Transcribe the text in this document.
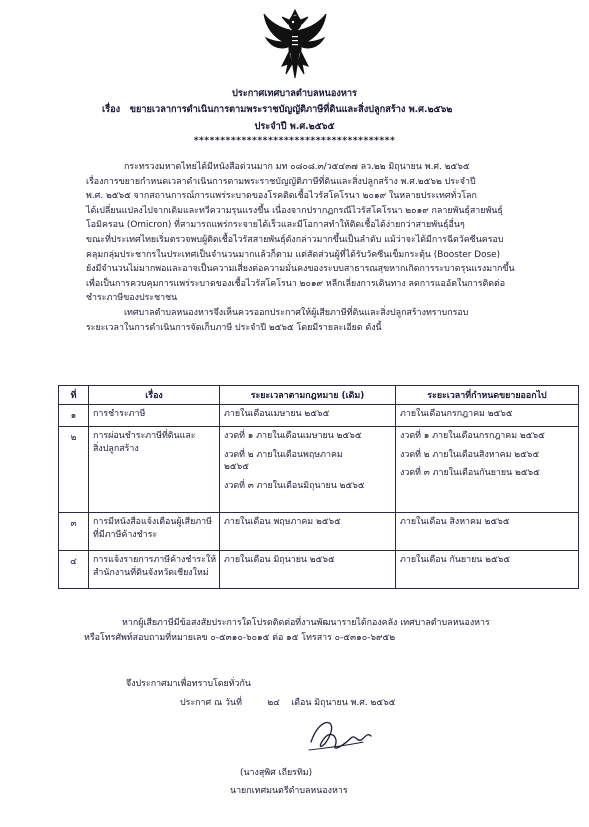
ประกาศเทศบาลตำบลหนองหาร
เรื่อง ขยายเวลาการดำเนินการตามพระราชบัญญัติภาษีที่ดินและสิ่งปลูกสร้าง พ.ศ.๒๕๖๒
ประจำปี พ.ศ.๒๕๖๕
**************************************

กระทรวงมหาดไทยได้มีหนังสือด่วนมาก มท ๐๘๐๘.๓/ว๕๔๓๗ ลว.๒๒ มิถุนายน พ.ศ. ๒๕๖๕

เรื่องการขยายกำหนดเวลาดำเนินการตามพระราชบัญญัติภาษีที่ดินและสิ่งปลูกสร้าง พ.ศ.๒๕๖๒ ประจำปี

พ.ศ. ๒๕๖๕ จากสถานการณ์การแพร่ระบาดของโรคติดเชื้อไวรัสโคโรนา ๒๐๑๙ ในหลายประเทศทั่วโลก

ได้เปลี่ยนแปลงไปจากเดิมและทวีความรุนแรงขึ้น เนื่องจากปรากฏกรณีไวรัสโคโรนา ๒๐๑๙ กลายพันธุ์สายพันธุ์

โอมิครอน (Omicron) ที่สามารถแพร่กระจายได้เร็วและมีโอกาสทำให้ติดเชื้อได้ง่ายกว่าสายพันธุ์อื่นๆ

ขณะที่ประเทศไทยเริ่มตรวจพบผู้ติดเชื้อไวรัสสายพันธุ์ดังกล่าวมากขึ้นเป็นลำดับ แม้ว่าจะได้มีการฉีดวัคซีนครอบ

คลุมกลุ่มประชากรในประเทศเป็นจำนวนมากแล้วก็ตาม แต่สัดส่วนผู้ที่ได้รับวัคซีนเข็มกระตุ้น (Booster Dose)

ยังมีจำนวนไม่มากพอและอาจเป็นความเสี่ยงต่อความมั่นคงของระบบสาธารณสุขหากเกิดการระบาดรุนแรงมากขึ้น

เพื่อเป็นการควบคุมการแพร่ระบาดของเชื้อไวรัสโคโรนา ๒๐๑๙ หลีกเลี่ยงการเดินทาง ลดการแออัดในการติดต่อ

ชำระภาษีของประชาชน

เทศบาลตำบลหนองหารจึงเห็นควรออกประกาศให้ผู้เสียภาษีที่ดินและสิ่งปลูกสร้างทราบกรอบ

ระยะเวลาในการดำเนินการจัดเก็บภาษี ประจำปี ๒๕๖๕ โดยมีรายละเอียด ดังนี้

ที่	เรื่อง	ระยะเวลาตามกฎหมาย (เดิม)	ระยะเวลาที่กำหนดขยายออกไป
๑	การชำระภาษี	ภายในเดือนเมษายน ๒๕๖๕	ภายในเดือนกรกฎาคม ๒๕๖๕

๒	การผ่อนชำระภาษีที่ดินและ
สิ่งปลูกสร้าง	งวดที่ ๑ ภายในเดือนเมษายน ๒๕๖๕
งวดที่ ๒ ภายในเดือนพฤษภาคม
๒๕๖๕
งวดที่ ๓ ภายในเดือนมิถุนายน ๒๕๖๕	งวดที่ ๑ ภายในเดือนกรกฎาคม ๒๕๖๕
งวดที่ ๒ ภายในเดือนสิงหาคม ๒๕๖๕
งวดที่ ๓ ภายในเดือนกันยายน ๒๕๖๕

๓	การมีหนังสือแจ้งเตือนผู้เสียภาษี
ที่มีภาษีค้างชำระ	ภายในเดือน พฤษภาคม ๒๕๖๕	ภายในเดือน สิงหาคม ๒๕๖๕

๔	การแจ้งรายการภาษีค้างชำระให้
สำนักงานที่ดินจังหวัดเชียงใหม่	ภายในเดือน มิถุนายน ๒๕๖๕	ภายในเดือน กันยายน ๒๕๖๕

หากผู้เสียภาษีมีข้อสงสัยประการใดโปรดติดต่อที่งานพัฒนารายได้กองคลัง เทศบาลตำบลหนองหาร

หรือโทรศัพท์สอบถามที่หมายเลข ๐-๕๓๑๐-๖๐๑๕ ต่อ ๑๕ โทรสาร ๐-๕๓๑๐-๖๙๕๒

จึงประกาศมาเพื่อทราบโดยทั่วกัน
ประกาศ ณ วันที่	๒๔ เดือน มิถุนายน พ.ศ. ๒๕๖๕
(นางสุพิศ เถียรทิม)
นายกเทศมนตรีตำบลหนองหาร
